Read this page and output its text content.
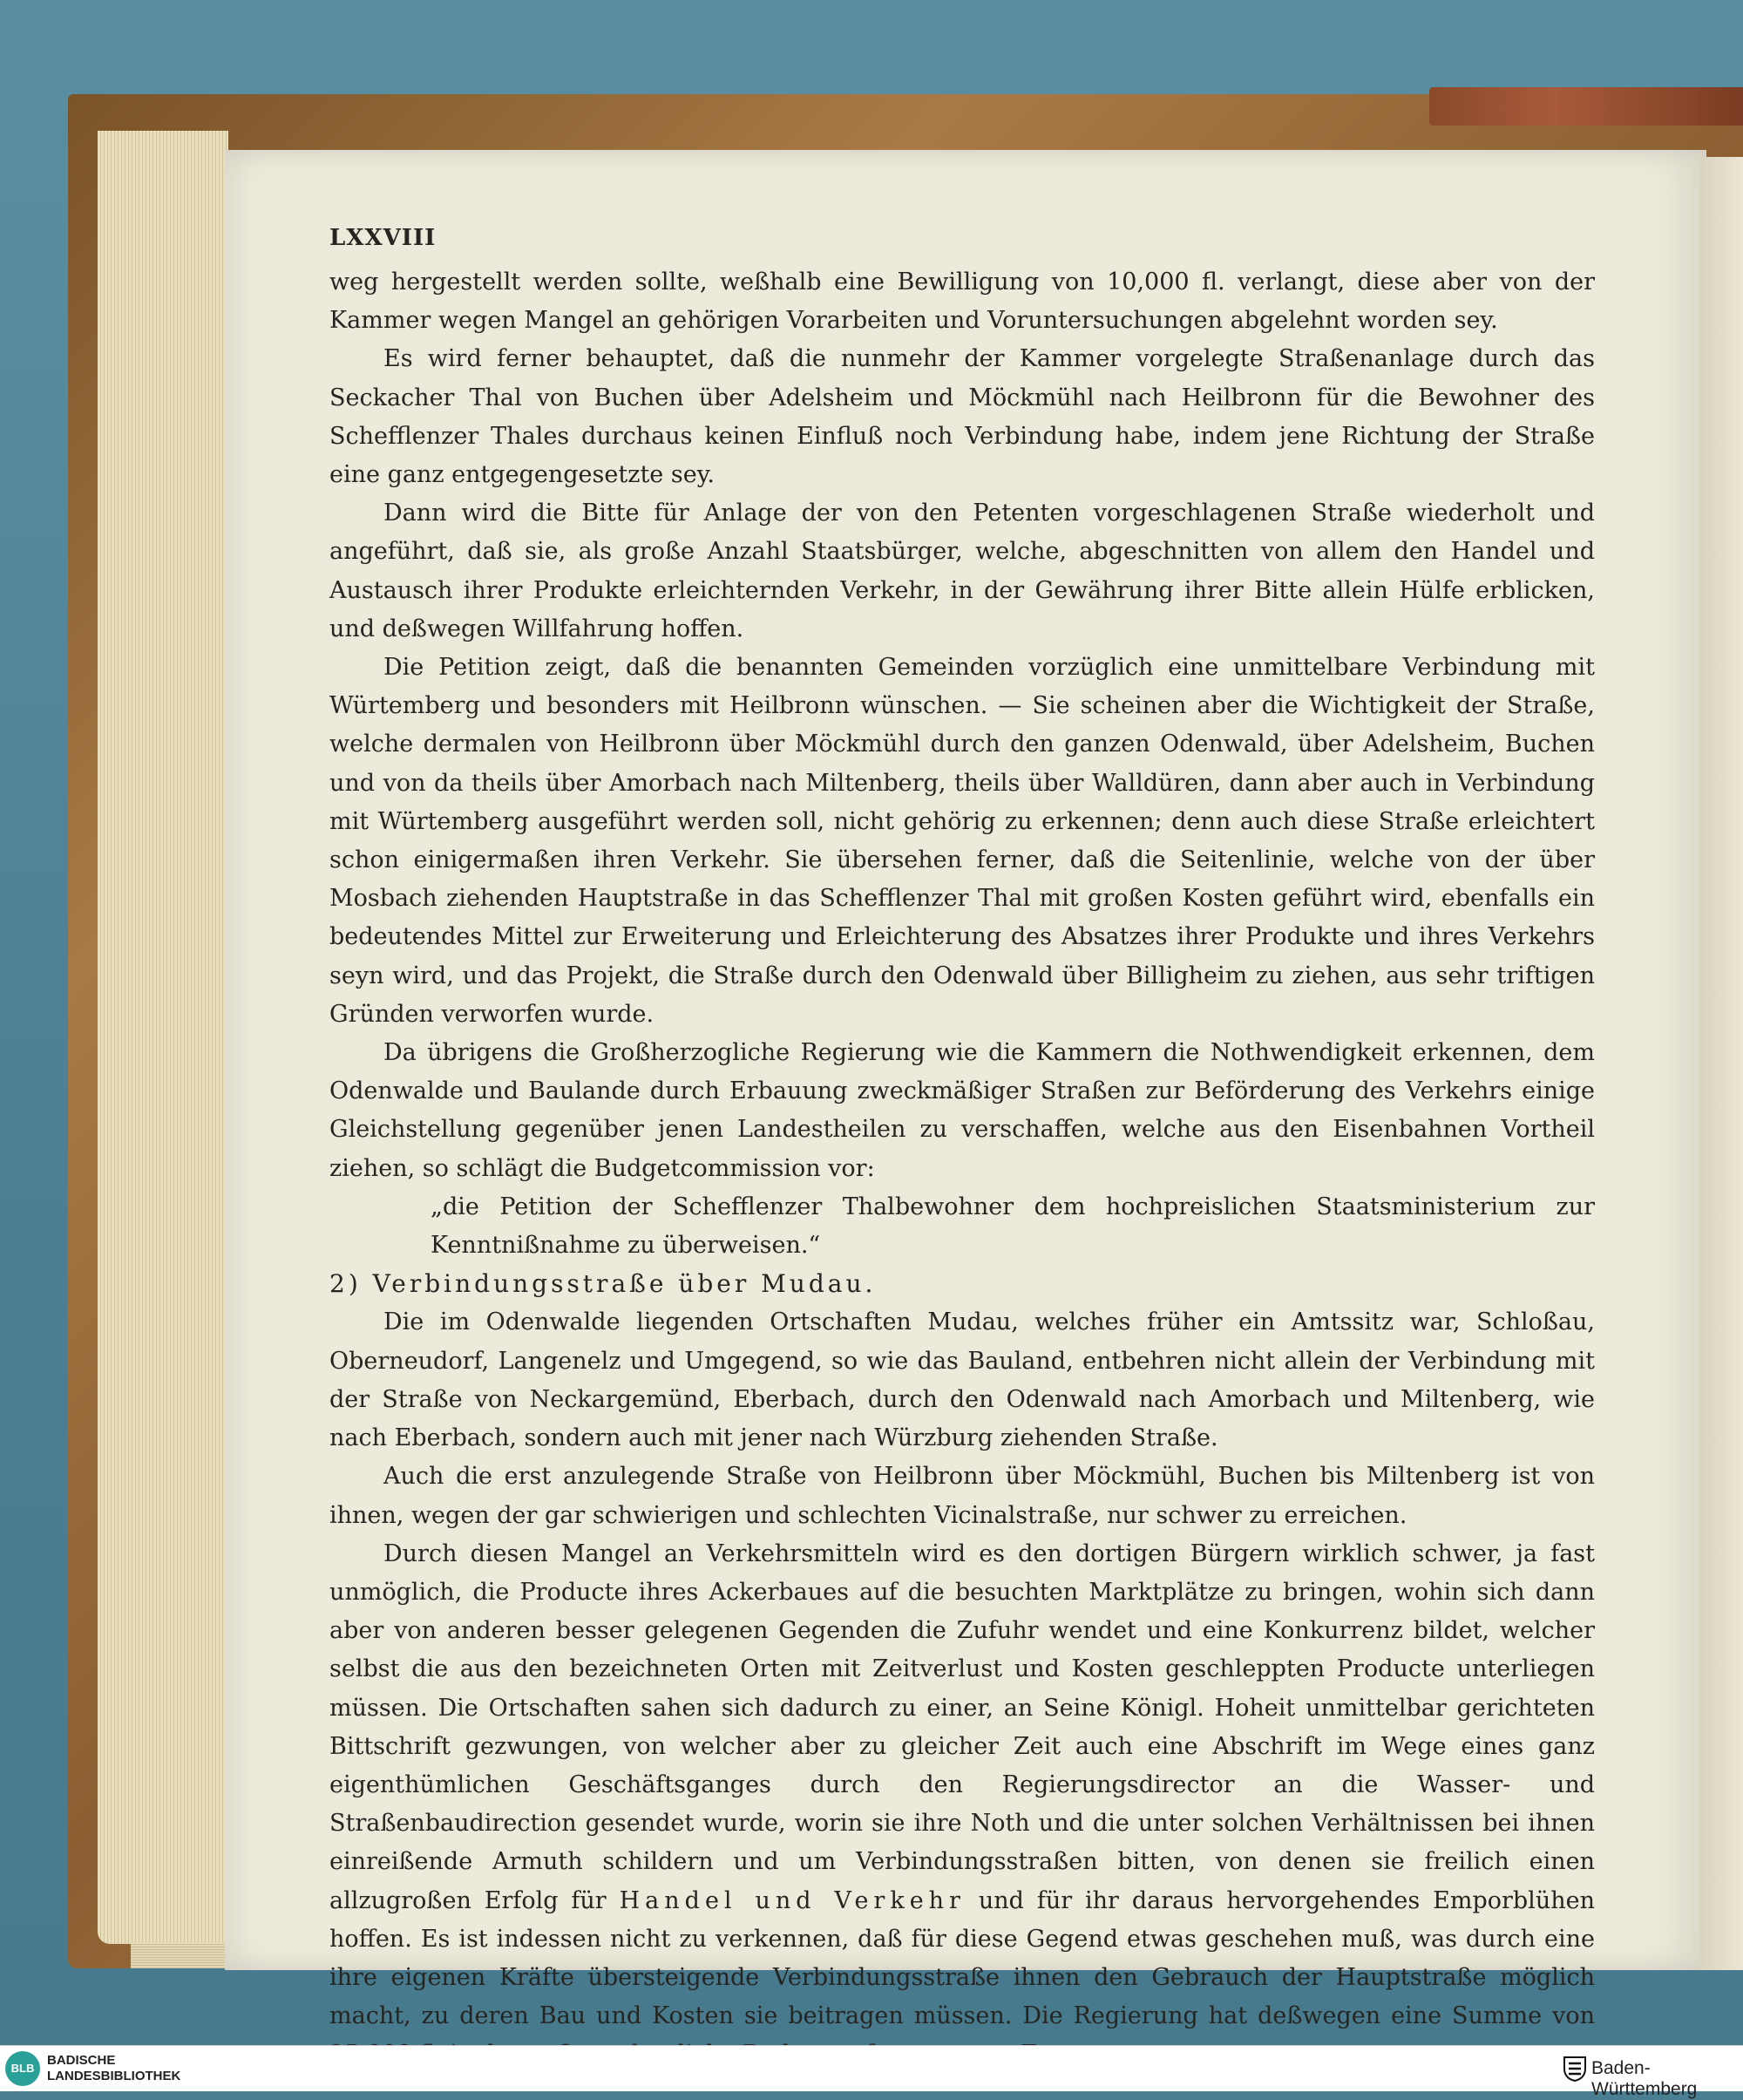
LXXVIII

weg hergestellt werden sollte, weßhalb eine Bewilligung von 10,000 fl. verlangt, diese aber von der Kammer wegen Mangel an gehörigen Vorarbeiten und Voruntersuchungen abgelehnt worden sey.

Es wird ferner behauptet, daß die nunmehr der Kammer vorgelegte Straßenanlage durch das Seckacher Thal von Buchen über Adelsheim und Möckmühl nach Heilbronn für die Bewohner des Schefflenzer Thales durchaus keinen Einfluß noch Verbindung habe, indem jene Richtung der Straße eine ganz entgegengesetzte sey.

Dann wird die Bitte für Anlage der von den Petenten vorgeschlagenen Straße wiederholt und angeführt, daß sie, als große Anzahl Staatsbürger, welche, abgeschnitten von allem den Handel und Austausch ihrer Produkte erleichternden Verkehr, in der Gewährung ihrer Bitte allein Hülfe erblicken, und deßwegen Willfahrung hoffen.

Die Petition zeigt, daß die benannten Gemeinden vorzüglich eine unmittelbare Verbindung mit Würtemberg und besonders mit Heilbronn wünschen. — Sie scheinen aber die Wichtigkeit der Straße, welche dermalen von Heilbronn über Möckmühl durch den ganzen Odenwald, über Adelsheim, Buchen und von da theils über Amorbach nach Miltenberg, theils über Walldüren, dann aber auch in Verbindung mit Würtemberg ausgeführt werden soll, nicht gehörig zu erkennen; denn auch diese Straße erleichtert schon einigermaßen ihren Verkehr. Sie übersehen ferner, daß die Seitenlinie, welche von der über Mosbach ziehenden Hauptstraße in das Schefflenzer Thal mit großen Kosten geführt wird, ebenfalls ein bedeutendes Mittel zur Erweiterung und Erleichterung des Absatzes ihrer Produkte und ihres Verkehrs seyn wird, und das Projekt, die Straße durch den Odenwald über Billigheim zu ziehen, aus sehr triftigen Gründen verworfen wurde.

Da übrigens die Großherzogliche Regierung wie die Kammern die Nothwendigkeit erkennen, dem Odenwalde und Baulande durch Erbauung zweckmäßiger Straßen zur Beförderung des Verkehrs einige Gleichstellung gegenüber jenen Landestheilen zu verschaffen, welche aus den Eisenbahnen Vortheil ziehen, so schlägt die Budgetcommission vor:

„die Petition der Schefflenzer Thalbewohner dem hochpreislichen Staatsministerium zur Kenntnißnahme zu überweisen.“

2) Verbindungsstraße über Mudau.

Die im Odenwalde liegenden Ortschaften Mudau, welches früher ein Amtssitz war, Schloßau, Oberneudorf, Langenelz und Umgegend, so wie das Bauland, entbehren nicht allein der Verbindung mit der Straße von Neckargemünd, Eberbach, durch den Odenwald nach Amorbach und Miltenberg, wie nach Eberbach, sondern auch mit jener nach Würzburg ziehenden Straße.

Auch die erst anzulegende Straße von Heilbronn über Möckmühl, Buchen bis Miltenberg ist von ihnen, wegen der gar schwierigen und schlechten Vicinalstraße, nur schwer zu erreichen.

Durch diesen Mangel an Verkehrsmitteln wird es den dortigen Bürgern wirklich schwer, ja fast unmöglich, die Producte ihres Ackerbaues auf die besuchten Marktplätze zu bringen, wohin sich dann aber von anderen besser gelegenen Gegenden die Zufuhr wendet und eine Konkurrenz bildet, welcher selbst die aus den bezeichneten Orten mit Zeitverlust und Kosten geschleppten Producte unterliegen müssen. Die Ortschaften sahen sich dadurch zu einer, an Seine Königl. Hoheit unmittelbar gerichteten Bittschrift gezwungen, von welcher aber zu gleicher Zeit auch eine Abschrift im Wege eines ganz eigenthümlichen Geschäftsganges durch den Regierungsdirector an die Wasser- und Straßenbaudirection gesendet wurde, worin sie ihre Noth und die unter solchen Verhältnissen bei ihnen einreißende Armuth schildern und um Verbindungsstraßen bitten, von denen sie freilich einen allzugroßen Erfolg für Handel und Verkehr und für ihr daraus hervorgehendes Emporblühen hoffen. Es ist indessen nicht zu verkennen, daß für diese Gegend etwas geschehen muß, was durch eine ihre eigenen Kräfte übersteigende Verbindungsstraße ihnen den Gebrauch der Hauptstraße möglich macht, zu deren Bau und Kosten sie beitragen müssen. Die Regierung hat deßwegen eine Summe von

BLB
BADISCHE
LANDESBIBLIOTHEK	Baden-Württemberg
